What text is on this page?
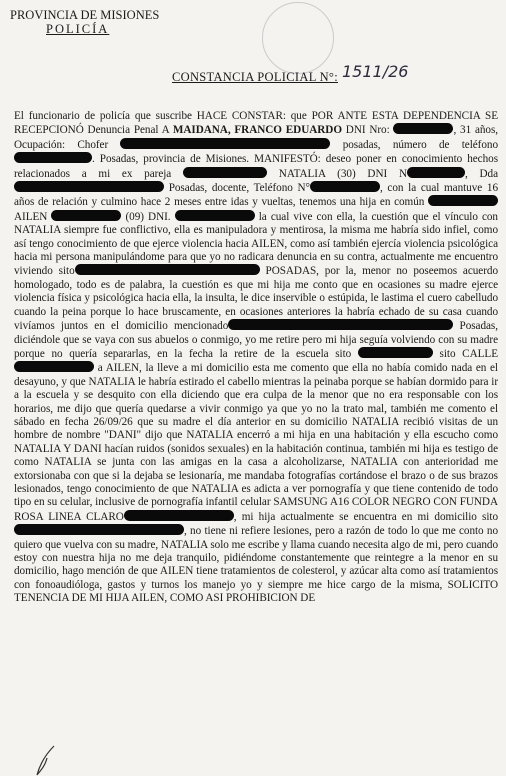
PROVINCIA DE MISIONES
POLICÍA
CONSTANCIA POLICIAL N°: 1511/26

El funcionario de policía que suscribe HACE CONSTAR: que POR ANTE ESTA DEPENDENCIA SE RECEPCIONÓ Denuncia Penal A MAIDANA, FRANCO EDUARDO DNI Nro:	, 31 años, Ocupación: Chofer	posadas, número de teléfono . Posadas, provincia de Misiones. MANIFESTÓ: deseo poner en conocimiento hechos relacionados a mi ex pareja	NATALIA (30) DNI N	, Dda Posadas, docente, Teléfono N°	, con la cual mantuve 16 años de relación y culmino hace 2 meses entre idas y vueltas, tenemos una hija en común  AILEN	(09) DNI.	la cual vive con ella, la cuestión que el vínculo con NATALIA siempre fue conflictivo, ella es manipuladora y mentirosa, la misma me habría sido infiel, como así tengo conocimiento de que ejerce violencia hacia AILEN, como así también ejercía violencia psicológica hacia mi persona manipulándome para que yo no radicara denuncia en su contra, actualmente me encuentro viviendo sito	POSADAS, por la, menor no poseemos acuerdo homologado, todo es de palabra, la cuestión es que mi hija me conto que en ocasiones su madre ejerce violencia física y psicológica hacia ella, la insulta, le dice inservible o estúpida, le lastima el cuero cabelludo cuando la peina porque lo hace bruscamente, en ocasiones anteriores la habría echado de su casa cuando vivíamos juntos en el domicilio mencionado	Posadas, diciéndole que se vaya con sus abuelos o conmigo, yo me retire pero mi hija seguía volviendo con su madre porque no quería separarlas, en la fecha la retire de la escuela sito	sito CALLE  a AILEN, la lleve a mi domicilio esta me comento que ella no había comido nada en el desayuno, y que NATALIA le habría estirado el cabello mientras la peinaba porque se habían dormido para ir a la escuela y se desquito con ella diciendo que era culpa de la menor que no era responsable con los horarios, me dijo que quería quedarse a vivir conmigo ya que yo no la trato mal, también me comento el sábado en fecha 26/09/26 que su madre el día anterior en su domicilio NATALIA recibió visitas de un hombre de nombre "DANI" dijo que NATALIA encerró a mi hija en una habitación y ella escucho como NATALIA Y DANI hacían ruidos (sonidos sexuales) en la habitación continua, también mi hija es testigo de como NATALIA se junta con las amigas en la casa a alcoholizarse, NATALIA con anterioridad me extorsionaba con que si la dejaba se lesionaría, me mandaba fotografías cortándose el brazo o de sus brazos lesionados, tengo conocimiento de que NATALIA es adicta a ver pornografía y que tiene contenido de todo tipo en su celular, inclusive de pornografía infantil celular SAMSUNG A16 COLOR NEGRO CON FUNDA ROSA LINEA CLARO	, mi hija actualmente se encuentra en mi domicilio sito, no tiene ni refiere lesiones, pero a razón de todo lo que me conto no quiero que vuelva con su madre, NATALIA solo me escribe y llama cuando necesita algo de mi, pero cuando estoy con nuestra hija no me deja tranquilo, pidiéndome constantemente que reintegre a la menor en su domicilio, hago mención de que AILEN tiene tratamientos de colesterol, y azúcar alta como así tratamientos con fonoaudióloga, gastos y turnos los manejo yo y siempre me hice cargo de la misma, SOLICITO TENENCIA DE MI HIJA AILEN, COMO ASI PROHIBICION DE
